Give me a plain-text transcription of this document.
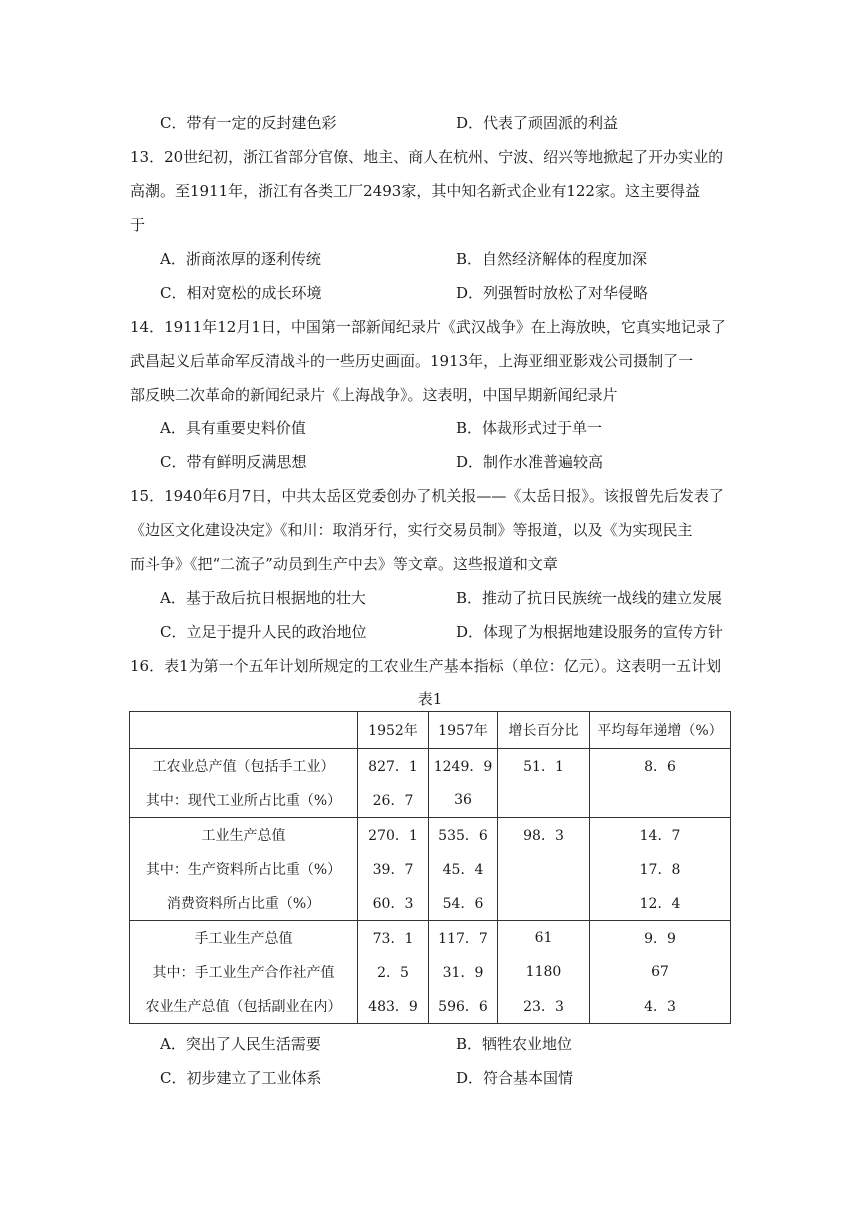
C．带有一定的反封建色彩	D．代表了顽固派的利益
13．20世纪初，浙江省部分官僚、地主、商人在杭州、宁波、绍兴等地掀起了开办实业的
高潮。至1911年，浙江有各类工厂2493家，其中知名新式企业有122家。这主要得益
于
A．浙商浓厚的逐利传统	B．自然经济解体的程度加深
C．相对宽松的成长环境	D．列强暂时放松了对华侵略
14．1911年12月1日，中国第一部新闻纪录片《武汉战争》在上海放映，它真实地记录了
武昌起义后革命军反清战斗的一些历史画面。1913年，上海亚细亚影戏公司摄制了一
部反映二次革命的新闻纪录片《上海战争》。这表明，中国早期新闻纪录片
A．具有重要史料价值	B．体裁形式过于单一
C．带有鲜明反满思想	D．制作水准普遍较高
15．1940年6月7日，中共太岳区党委创办了机关报——《太岳日报》。该报曾先后发表了
《边区文化建设决定》《和川：取消牙行，实行交易员制》等报道，以及《为实现民主
而斗争》《把“二流子”动员到生产中去》等文章。这些报道和文章
A．基于敌后抗日根据地的壮大	B．推动了抗日民族统一战线的建立发展
C．立足于提升人民的政治地位	D．体现了为根据地建设服务的宣传方针
16．表1为第一个五年计划所规定的工农业生产基本指标（单位：亿元）。这表明一五计划
表1
	1952年	1957年	增长百分比	平均每年递增（%）
工农业总产值（包括手工业）	827．1	1249．9	51．1	8．6
其中：现代工业所占比重（%）	26．7	36		
工业生产总值	270．1	535．6	98．3	14．7
其中：生产资料所占比重（%）	39．7	45．4		17．8
消费资料所占比重（%）	60．3	54．6		12．4
手工业生产总值	73．1	117．7	61	9．9
其中：手工业生产合作社产值	2．5	31．9	1180	67
农业生产总值（包括副业在内）	483．9	596．6	23．3	4．3
A．突出了人民生活需要	B．牺牲农业地位
C．初步建立了工业体系	D．符合基本国情
